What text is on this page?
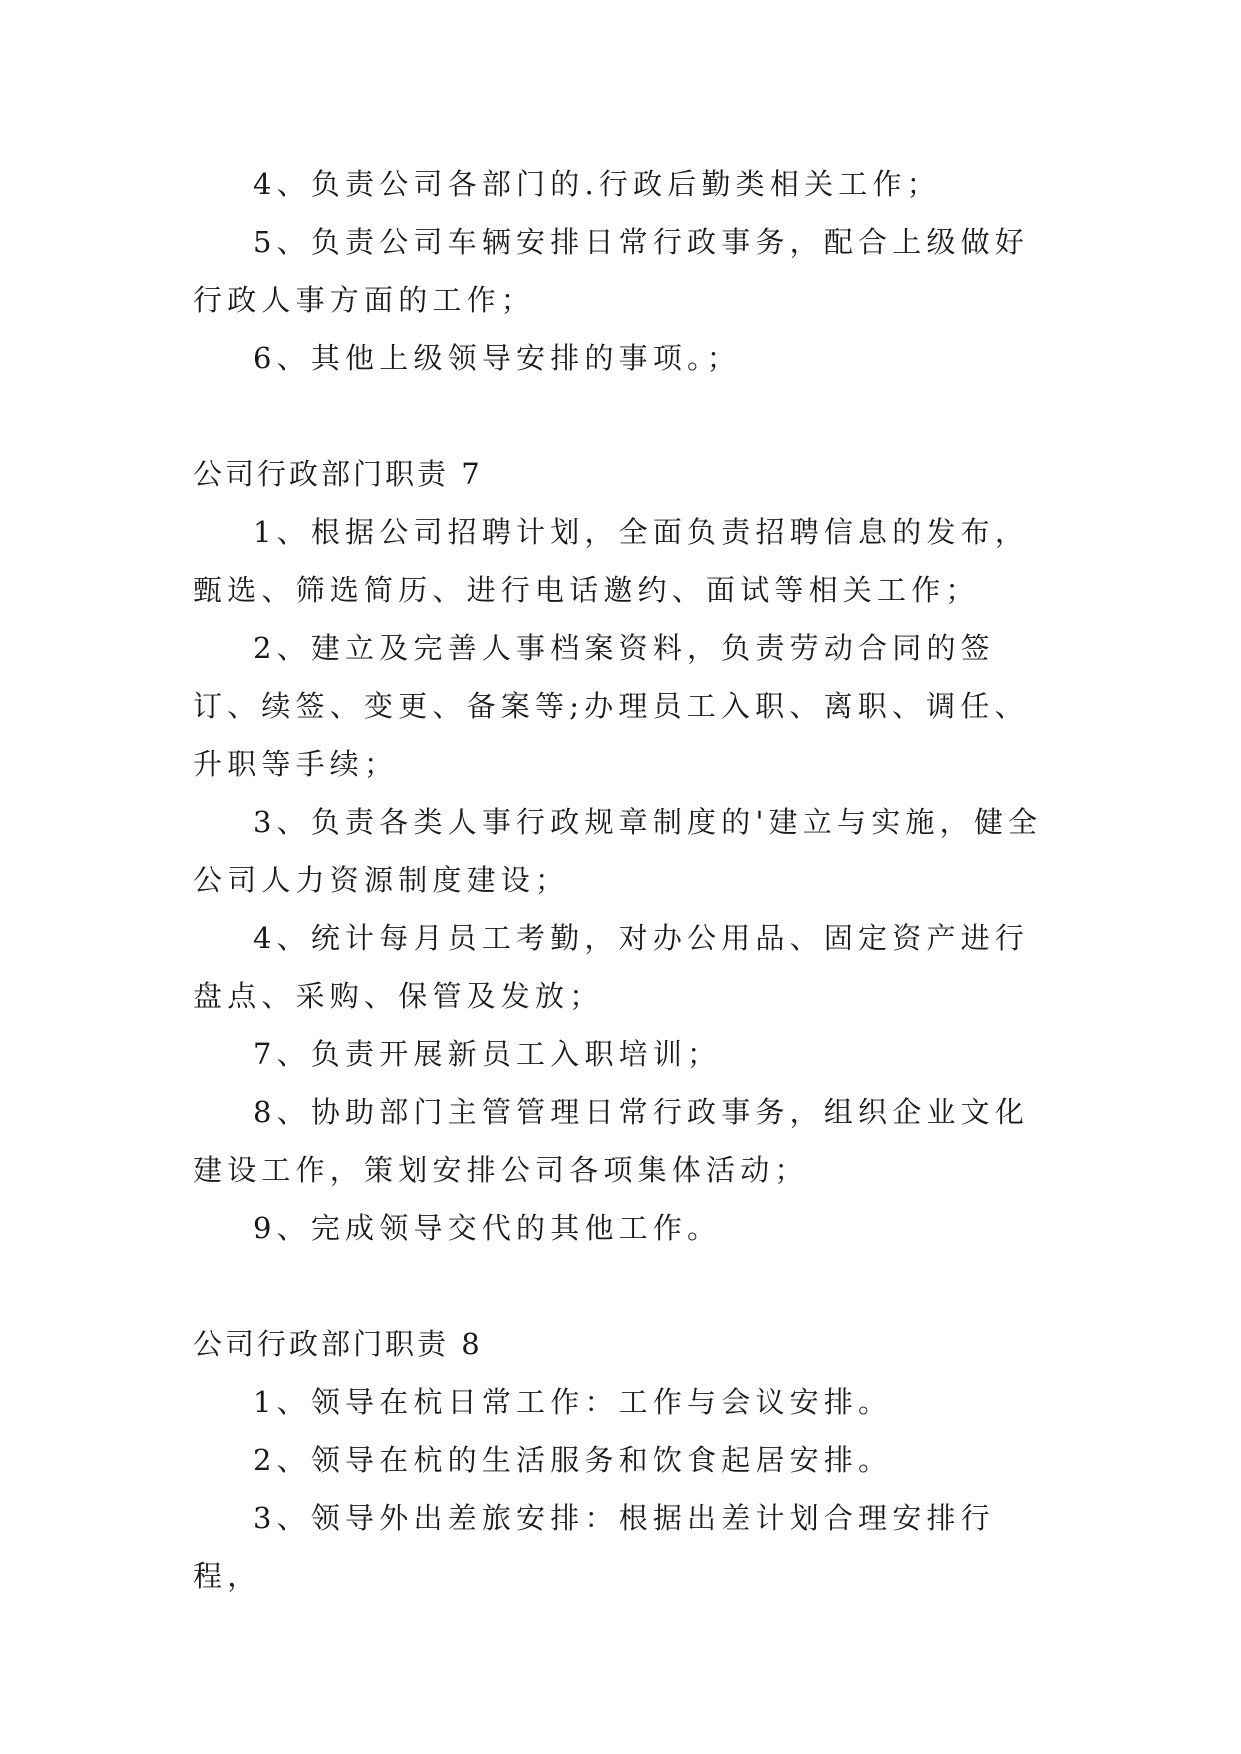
4、负责公司各部门的.行政后勤类相关工作；

5、负责公司车辆安排日常行政事务，配合上级做好行政人事方面的工作；

6、其他上级领导安排的事项。；

公司行政部门职责 7

1、根据公司招聘计划，全面负责招聘信息的发布，甄选、筛选简历、进行电话邀约、面试等相关工作；

2、建立及完善人事档案资料，负责劳动合同的签订、续签、变更、备案等;办理员工入职、离职、调任、升职等手续；

3、负责各类人事行政规章制度的'建立与实施，健全公司人力资源制度建设；

4、统计每月员工考勤，对办公用品、固定资产进行盘点、采购、保管及发放；

7、负责开展新员工入职培训；

8、协助部门主管管理日常行政事务，组织企业文化建设工作，策划安排公司各项集体活动；

9、完成领导交代的其他工作。

公司行政部门职责 8

1、领导在杭日常工作：工作与会议安排。

2、领导在杭的生活服务和饮食起居安排。

3、领导外出差旅安排：根据出差计划合理安排行程，
